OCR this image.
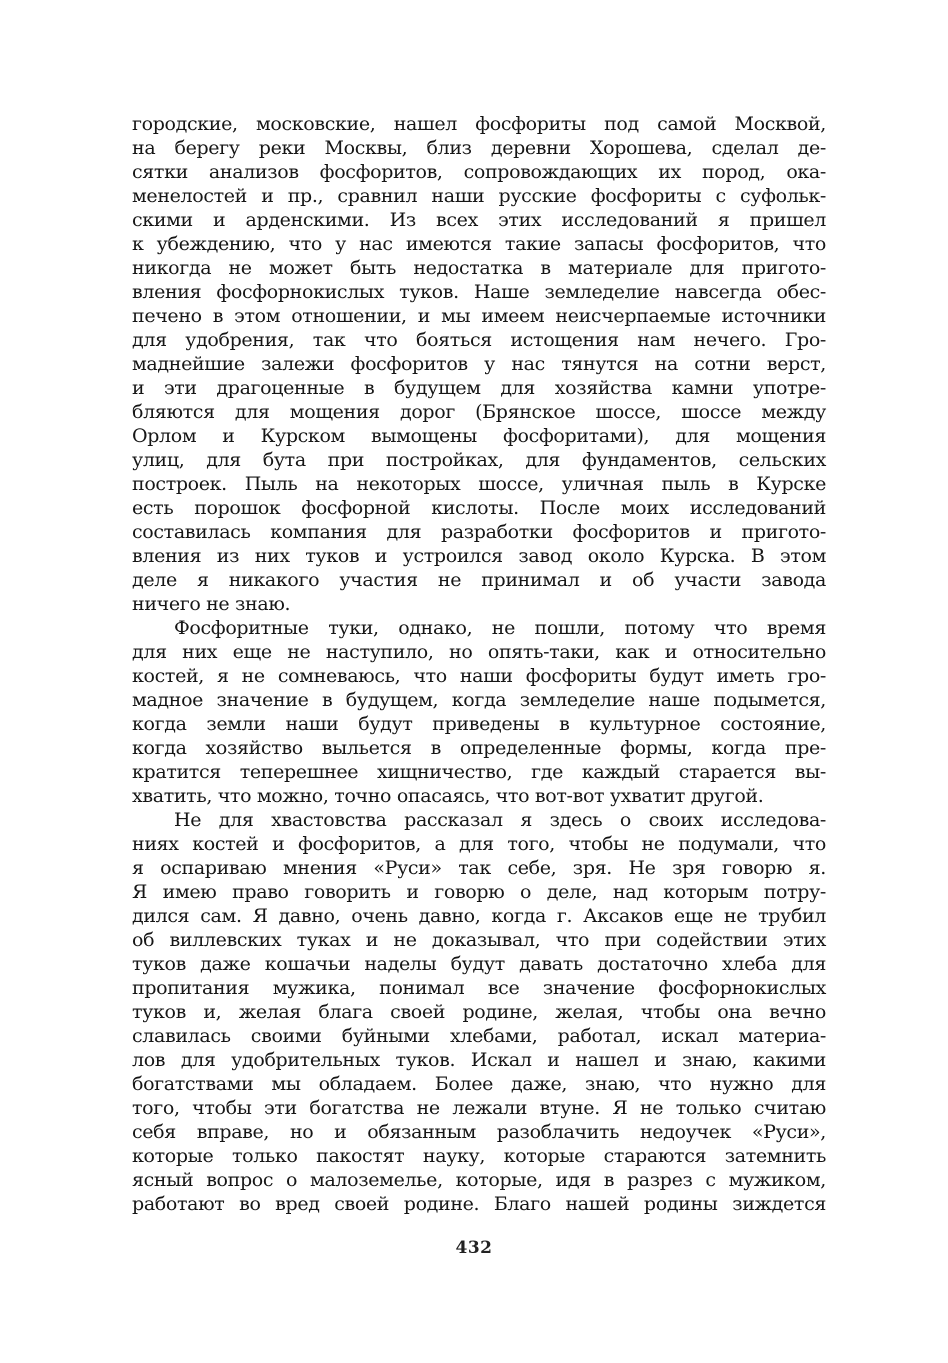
городские, московские, нашел фосфориты под самой Москвой,
на берегу реки Москвы, близ деревни Хорошева, сделал де-
сятки анализов фосфоритов, сопровождающих их пород, ока-
менелостей и пр., сравнил наши русские фосфориты с суфольк-
скими и арденскими. Из всех этих исследований я пришел
к убеждению, что у нас имеются такие запасы фосфоритов, что
никогда не может быть недостатка в материале для пригото-
вления фосфорнокислых туков. Наше земледелие навсегда обес-
печено в этом отношении, и мы имеем неисчерпаемые источники
для удобрения, так что бояться истощения нам нечего. Гро-
маднейшие залежи фосфоритов у нас тянутся на сотни верст,
и эти драгоценные в будущем для хозяйства камни употре-
бляются для мощения дорог (Брянское шоссе, шоссе между
Орлом и Курском вымощены фосфоритами), для мощения
улиц, для бута при постройках, для фундаментов, сельских
построек. Пыль на некоторых шоссе, уличная пыль в Курске
есть порошок фосфорной кислоты. После моих исследований
составилась компания для разработки фосфоритов и пригото-
вления из них туков и устроился завод около Курска. В этом
деле я никакого участия не принимал и об участи завода
ничего не знаю.
Фосфоритные туки, однако, не пошли, потому что время
для них еще не наступило, но опять-таки, как и относительно
костей, я не сомневаюсь, что наши фосфориты будут иметь гро-
мадное значение в будущем, когда земледелие наше подымется,
когда земли наши будут приведены в культурное состояние,
когда хозяйство выльется в определенные формы, когда пре-
кратится теперешнее хищничество, где каждый старается вы-
хватить, что можно, точно опасаясь, что вот-вот ухватит другой.
Не для хвастовства рассказал я здесь о своих исследова-
ниях костей и фосфоритов, а для того, чтобы не подумали, что
я оспариваю мнения «Руси» так себе, зря. Не зря говорю я.
Я имею право говорить и говорю о деле, над которым потру-
дился сам. Я давно, очень давно, когда г. Аксаков еще не трубил
об виллевских туках и не доказывал, что при содействии этих
туков даже кошачьи наделы будут давать достаточно хлеба для
пропитания мужика, понимал все значение фосфорнокислых
туков и, желая блага своей родине, желая, чтобы она вечно
славилась своими буйными хлебами, работал, искал материа-
лов для удобрительных туков. Искал и нашел и знаю, какими
богатствами мы обладаем. Более даже, знаю, что нужно для
того, чтобы эти богатства не лежали втуне. Я не только считаю
себя вправе, но и обязанным разоблачить недоучек «Руси»,
которые только пакостят науку, которые стараются затемнить
ясный вопрос о малоземелье, которые, идя в разрез с мужиком,
работают во вред своей родине. Благо нашей родины зиждется
432
